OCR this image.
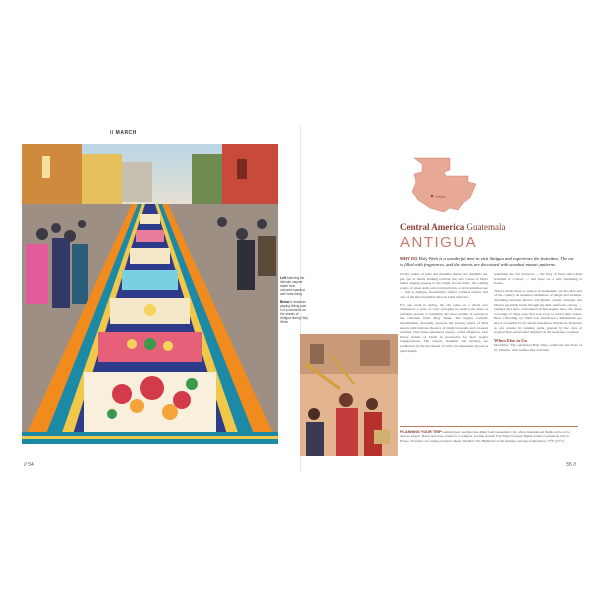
// MARCH

Left Admiring the intricate carpets made from coloured sawdust and hand-fixing

Below A musician playing telling pain in a procession on the streets of Antigua during Holy Week

// 54	55 //
Antigua
Central America Guatemala
ANTIGUA
WHY GO Holy Week is a wonderful time to visit Antigua and experience the festivities. The air is filled with fragrances, and the streets are decorated with sawdust mosaic patterns.

Lively strains of salsa and marimba music, the rhythmic pat, pat, pat of hands forming tortillas, the soft voices of Maya ladies singing prayers to the bright woven fruits, the wafting scents of street stalls and courtyards into a vivid kaleidoscope — this is Antigua, Guatemala's former colonial capital, and one of the most beautiful cities in Latin America.

For one week in spring, the city takes on a whole new dimension: a wave of color sweeping its usual leafy lanes as residents prepare to remember the most solemn of seasons in the Christian faith: Holy Week. The largely Catholic Guatemalans devotedly decorate the paving stones of their streets with intricate mosaics of bright blossoms and coloured sawdust. Over these ephemeral carpets, called alfombras, bear heavy statues of Christ in procession for their week's transgressions. The carpets, beautiful and moving, are swallowed by the movement of faith, encompassing anyone as participants.

remember the Via Dolorosa — the Way of Tears that Christ travelled to Calvary — and hope for a new beginning at Easter.

There's much more to explore in Guatemala. At the other end of the country, an untamed wilderness of jungle and swamps, stretching between Mexico and Belize, awaits. Temples and Mayan pyramids break through the lush rainforest canopy — vestiges that have confounded archaeologists since the dense coverings of vines were first torn away to reveal their stones. Hear a Howling cry. Tikal was abandoned a millennium ago and is accessible for its serene desolation. Ponder its mysteries as you wander its winding paths, greeted by the cries of tropical birds and howler monkeys in the branches overhead.

When Else to Go

December: The celebrated Bale Vieja, celebrates the Feast of St. Thomas, with bonfire-like activities.

PLANNING YOUR TRIP Getting there: Antigua lies 40km from Guatemala City, where international flights arrive at La Aurora Airport. Buses and taxis connect it to Antigua. Getting around: Fast Tikal, frequent flights connect Guatemala City to Flores. Travelers can arrange transport ahead. Weather: The Highlands of the Antigua, Average temperature: 73°F (23°C).
